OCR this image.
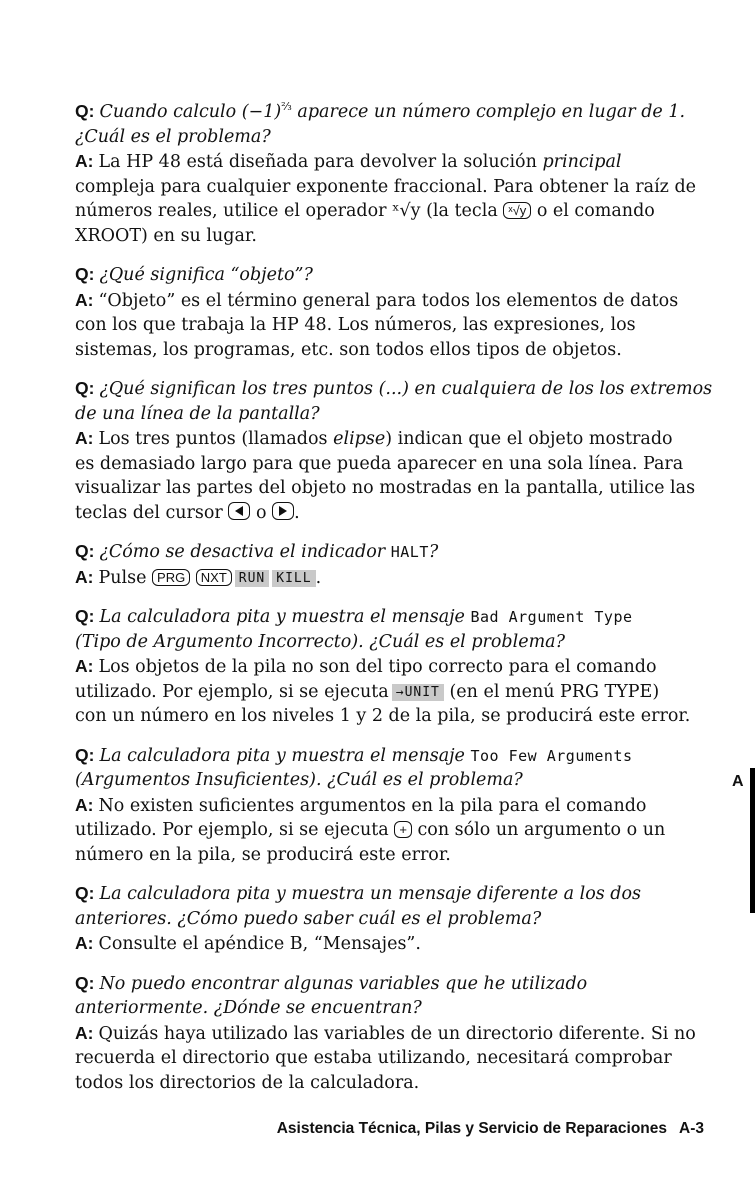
Q: Cuando calculo $(-1)^{\frac{2}{3}}$ aparece un número complejo en lugar de 1.
¿Cuál es el problema?
A: La HP 48 está diseñada para devolver la solución principal
compleja para cualquier exponente fraccional. Para obtener la raíz de
números reales, utilice el operador ˣ√y (la tecla ˣ√y o el comando
XROOT) en su lugar.
Q: ¿Qué significa “objeto”?
A: “Objeto” es el término general para todos los elementos de datos
con los que trabaja la HP 48. Los números, las expresiones, los
sistemas, los programas, etc. son todos ellos tipos de objetos.
Q: ¿Qué significan los tres puntos (...) en cualquiera de los los extremos
de una línea de la pantalla?
A: Los tres puntos (llamados elipse) indican que el objeto mostrado
es demasiado largo para que pueda aparecer en una sola línea. Para
visualizar las partes del objeto no mostradas en la pantalla, utilice las
teclas del cursor o .
Q: ¿Cómo se desactiva el indicador HALT?
A: Pulse PRG NXT RUN KILL .
Q: La calculadora pita y muestra el mensaje Bad Argument Type
(Tipo de Argumento Incorrecto). ¿Cuál es el problema?
A: Los objetos de la pila no son del tipo correcto para el comando
utilizado. Por ejemplo, si se ejecuta →UNIT (en el menú PRG TYPE)
con un número en los niveles 1 y 2 de la pila, se producirá este error.
Q: La calculadora pita y muestra el mensaje Too Few Arguments
(Argumentos Insuficientes). ¿Cuál es el problema?
A: No existen suficientes argumentos en la pila para el comando
utilizado. Por ejemplo, si se ejecuta + con sólo un argumento o un
número en la pila, se producirá este error.
Q: La calculadora pita y muestra un mensaje diferente a los dos
anteriores. ¿Cómo puedo saber cuál es el problema?
A: Consulte el apéndice B, “Mensajes”.
Q: No puedo encontrar algunas variables que he utilizado
anteriormente. ¿Dónde se encuentran?
A: Quizás haya utilizado las variables de un directorio diferente. Si no
recuerda el directorio que estaba utilizando, necesitará comprobar
todos los directorios de la calculadora.
A
Asistencia Técnica, Pilas y Servicio de Reparaciones A-3
